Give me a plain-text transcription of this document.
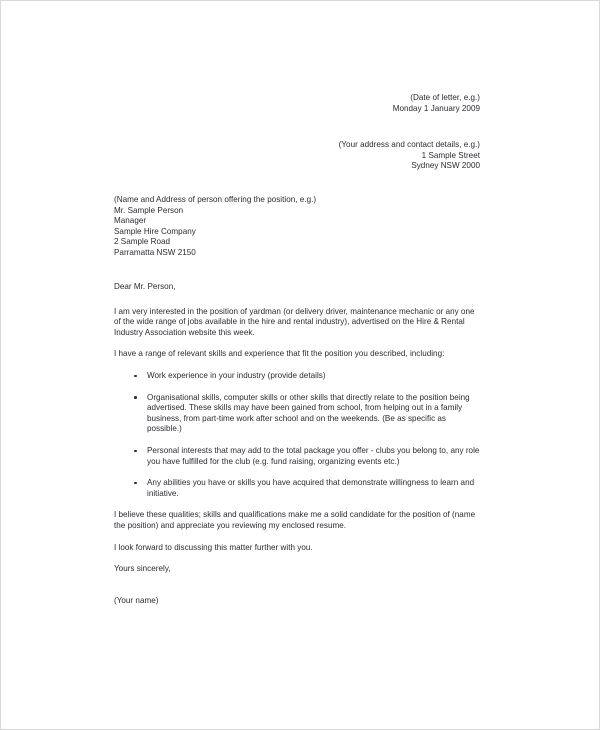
(Date of letter, e.g.)
Monday 1 January 2009
(Your address and contact details, e.g.)
1 Sample Street
Sydney NSW 2000
(Name and Address of person offering the position, e.g.)
Mr. Sample Person
Manager
Sample Hire Company
2 Sample Road
Parramatta NSW 2150

Dear Mr. Person,

I am very interested in the position of yardman (or delivery driver, maintenance mechanic or any one of the wide range of jobs available in the hire and rental industry), advertised on the Hire & Rental Industry Association website this week.

I have a range of relevant skills and experience that fit the position you described, including:

Work experience in your industry (provide details)
Organisational skills, computer skills or other skills that directly relate to the position being advertised. These skills may have been gained from school, from helping out in a family business, from part-time work after school and on the weekends. (Be as specific as possible.)
Personal interests that may add to the total package you offer - clubs you belong to, any role you have fulfilled for the club (e.g. fund raising, organizing events etc.)
Any abilities you have or skills you have acquired that demonstrate willingness to learn and initiative.

I believe these qualities; skills and qualifications make me a solid candidate for the position of (name the position) and appreciate you reviewing my enclosed resume.

I look forward to discussing this matter further with you.

Yours sincerely,

(Your name)
